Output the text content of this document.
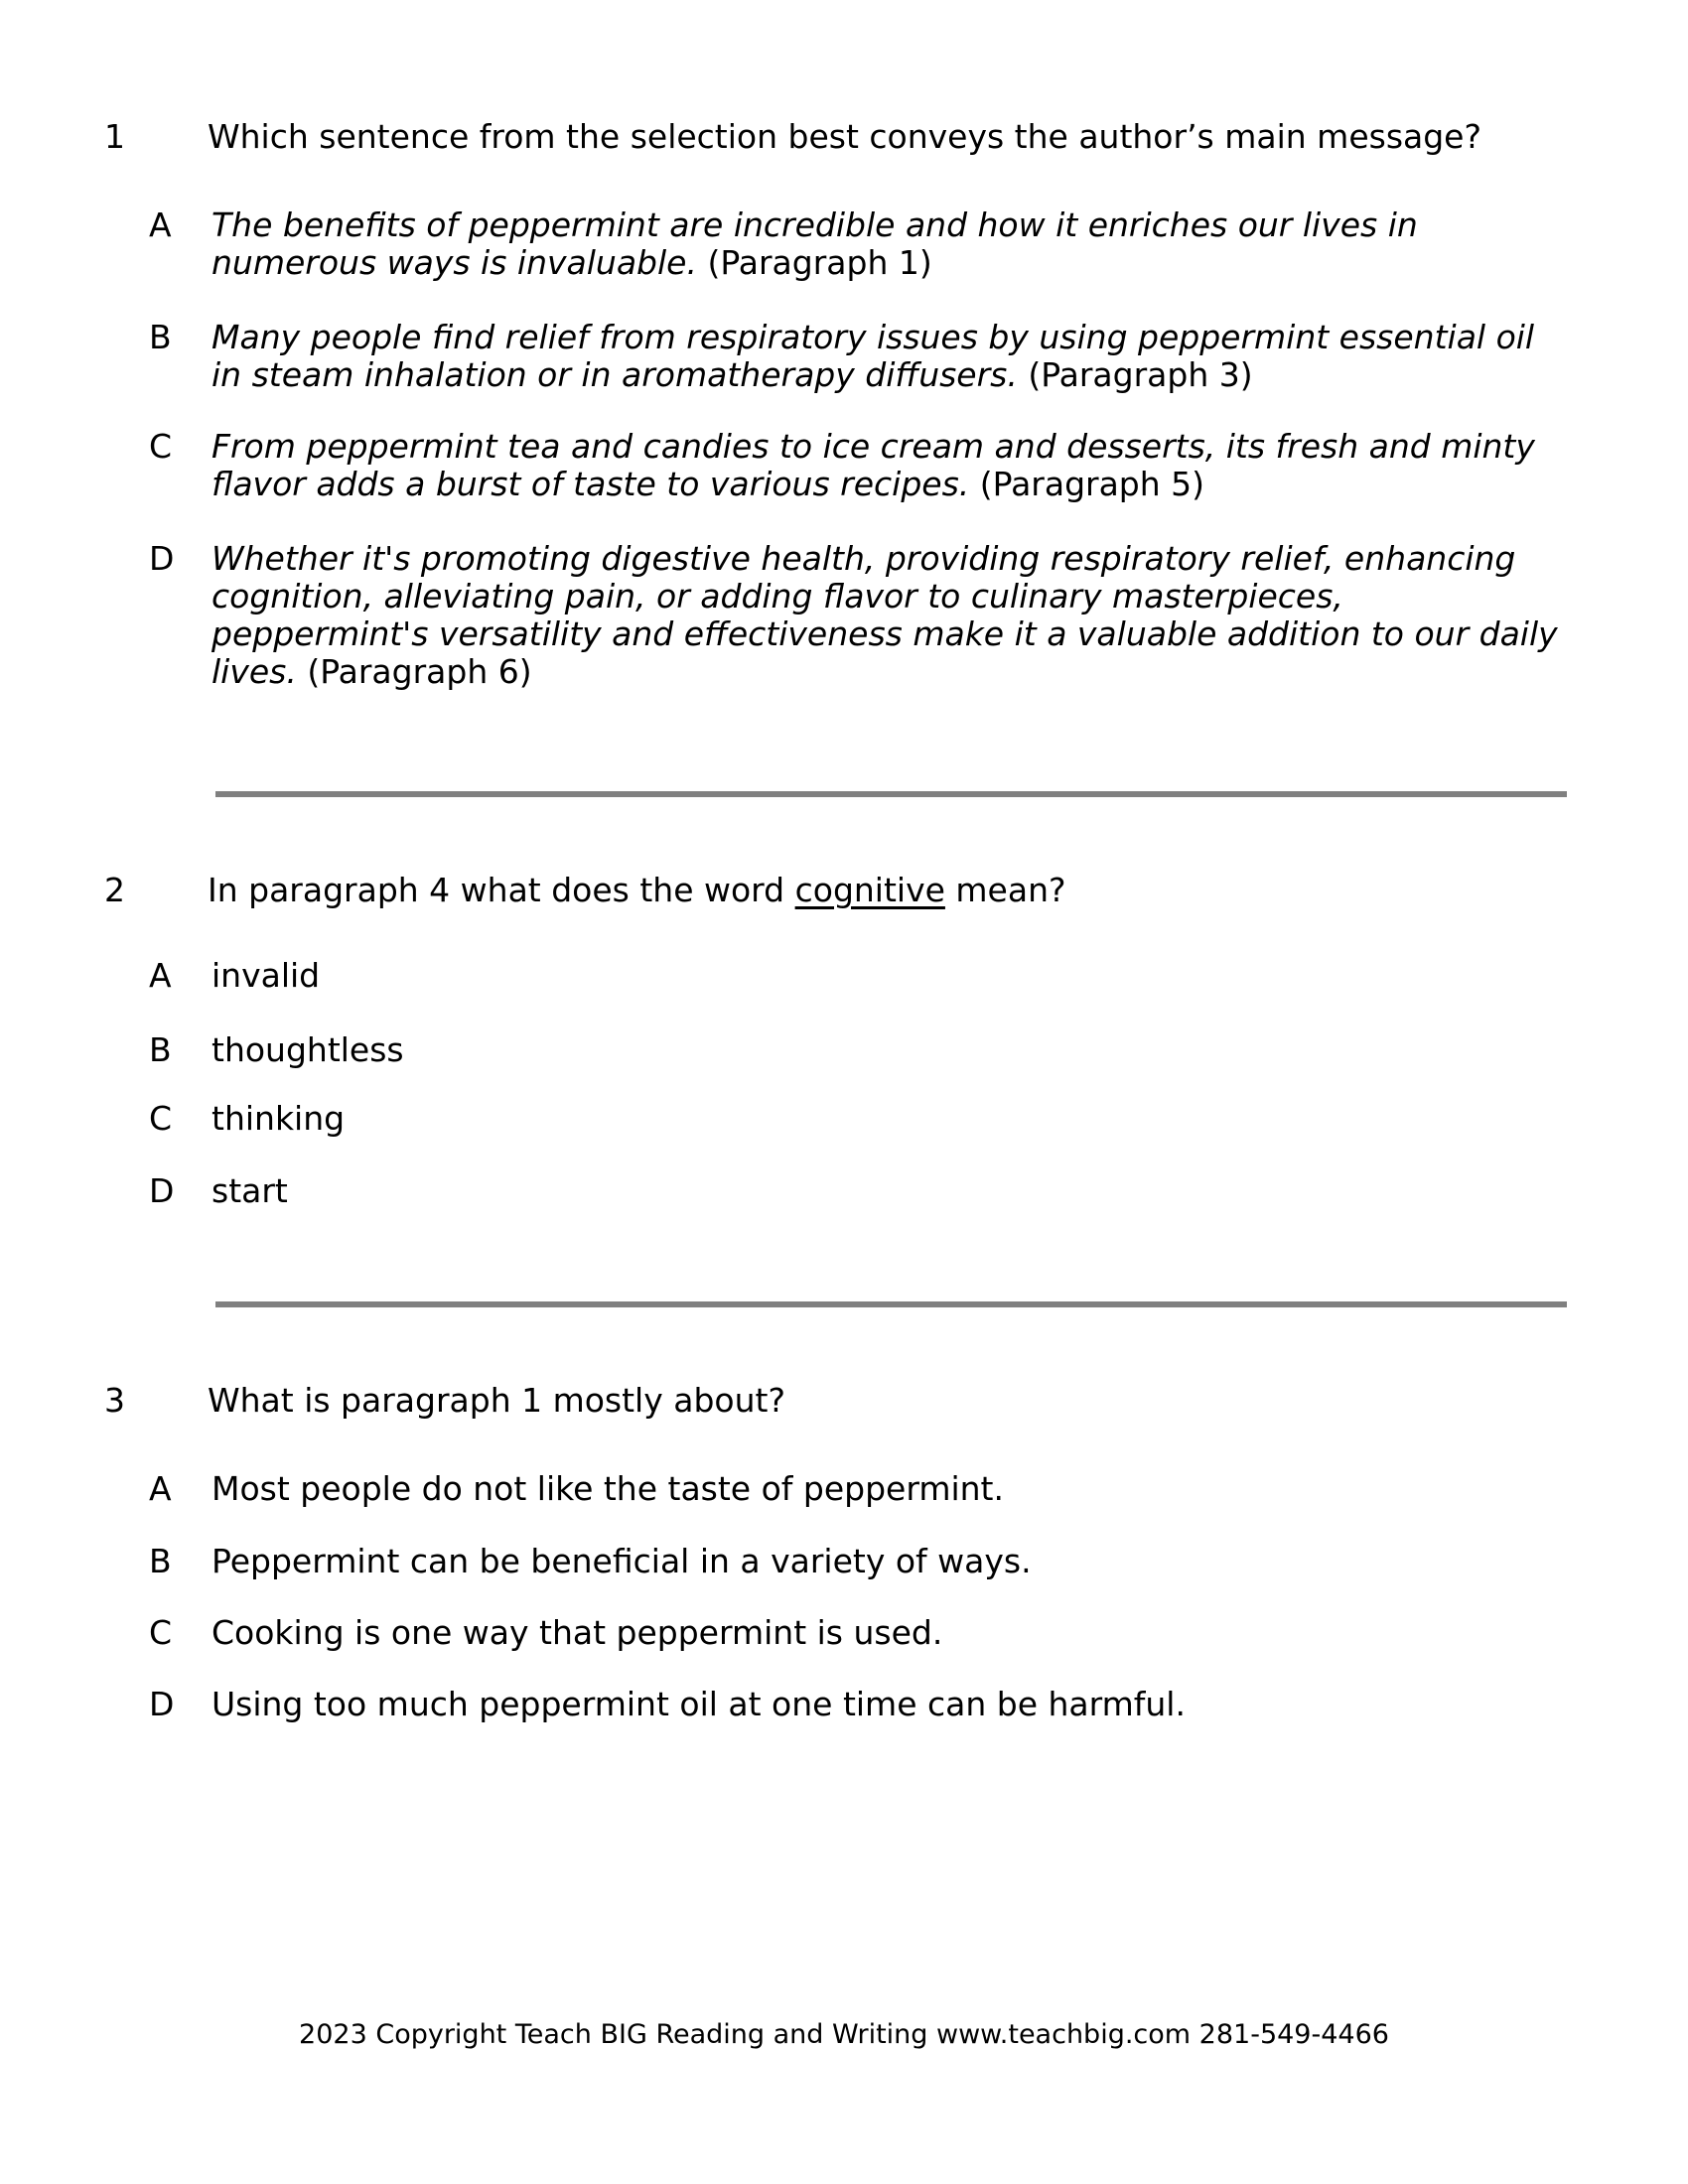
1	Which sentence from the selection best conveys the author’s main message?
A The benefits of peppermint are incredible and how it enriches our lives in numerous ways is invaluable. (Paragraph 1)
B Many people find relief from respiratory issues by using peppermint essential oil in steam inhalation or in aromatherapy diffusers. (Paragraph 3)
C From peppermint tea and candies to ice cream and desserts, its fresh and minty flavor adds a burst of taste to various recipes. (Paragraph 5)
D Whether it's promoting digestive health, providing respiratory relief, enhancing cognition, alleviating pain, or adding flavor to culinary masterpieces, peppermint's versatility and effectiveness make it a valuable addition to our daily lives. (Paragraph 6)
2	In paragraph 4 what does the word cognitive mean?
A invalid
B thoughtless
C thinking
D start
3	What is paragraph 1 mostly about?
A Most people do not like the taste of peppermint.
B Peppermint can be beneficial in a variety of ways.
C Cooking is one way that peppermint is used.
D Using too much peppermint oil at one time can be harmful.
2023 Copyright Teach BIG Reading and Writing www.teachbig.com 281-549-4466
